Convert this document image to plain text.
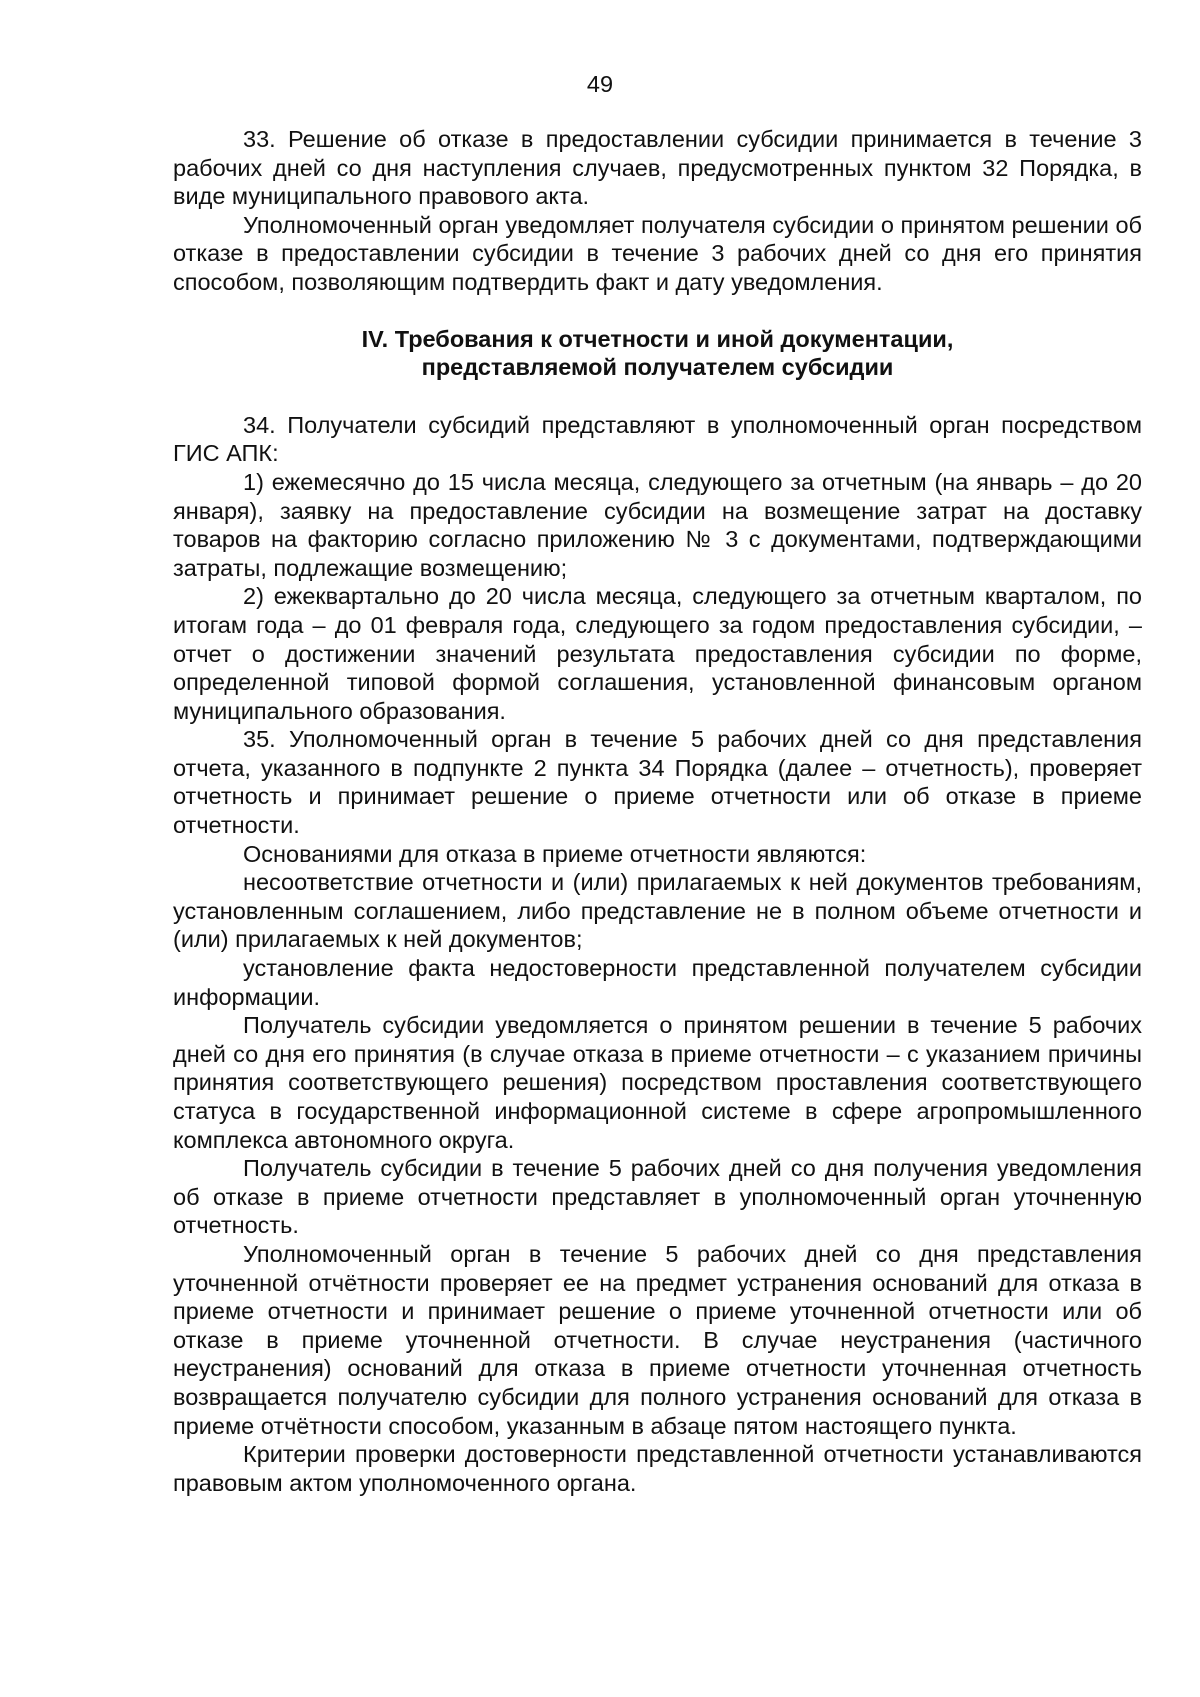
49

33. Решение об отказе в предоставлении субсидии принимается в течение 3 рабочих дней со дня наступления случаев, предусмотренных пунктом 32 Порядка, в виде муниципального правового акта.

Уполномоченный орган уведомляет получателя субсидии о принятом решении об отказе в предоставлении субсидии в течение 3 рабочих дней со дня его принятия способом, позволяющим подтвердить факт и дату уведомления.

IV. Требования к отчетности и иной документации,
представляемой получателем субсидии

34. Получатели субсидий представляют в уполномоченный орган посредством ГИС АПК:

1) ежемесячно до 15 числа месяца, следующего за отчетным (на январь – до 20 января), заявку на предоставление субсидии на возмещение затрат на доставку товаров на факторию согласно приложению № 3 с документами, подтверждающими затраты, подлежащие возмещению;

2) ежеквартально до 20 числа месяца, следующего за отчетным кварталом, по итогам года – до 01 февраля года, следующего за годом предоставления субсидии, – отчет о достижении значений результата предоставления субсидии по форме, определенной типовой формой соглашения, установленной финансовым органом муниципального образования.

35. Уполномоченный орган в течение 5 рабочих дней со дня представления отчета, указанного в подпункте 2 пункта 34 Порядка (далее – отчетность), проверяет отчетность и принимает решение о приеме отчетности или об отказе в приеме отчетности.

Основаниями для отказа в приеме отчетности являются:

несоответствие отчетности и (или) прилагаемых к ней документов требованиям, установленным соглашением, либо представление не в полном объеме отчетности и (или) прилагаемых к ней документов;

установление факта недостоверности представленной получателем субсидии информации.

Получатель субсидии уведомляется о принятом решении в течение 5 рабочих дней со дня его принятия (в случае отказа в приеме отчетности – с указанием причины принятия соответствующего решения) посредством проставления соответствующего статуса в государственной информационной системе в сфере агропромышленного комплекса автономного округа.

Получатель субсидии в течение 5 рабочих дней со дня получения уведомления об отказе в приеме отчетности представляет в уполномоченный орган уточненную отчетность.

Уполномоченный орган в течение 5 рабочих дней со дня представления уточненной отчётности проверяет ее на предмет устранения оснований для отказа в приеме отчетности и принимает решение о приеме уточненной отчетности или об отказе в приеме уточненной отчетности. В случае неустранения (частичного неустранения) оснований для отказа в приеме отчетности уточненная отчетность возвращается получателю субсидии для полного устранения оснований для отказа в приеме отчётности способом, указанным в абзаце пятом настоящего пункта.

Критерии проверки достоверности представленной отчетности устанавливаются правовым актом уполномоченного органа.
